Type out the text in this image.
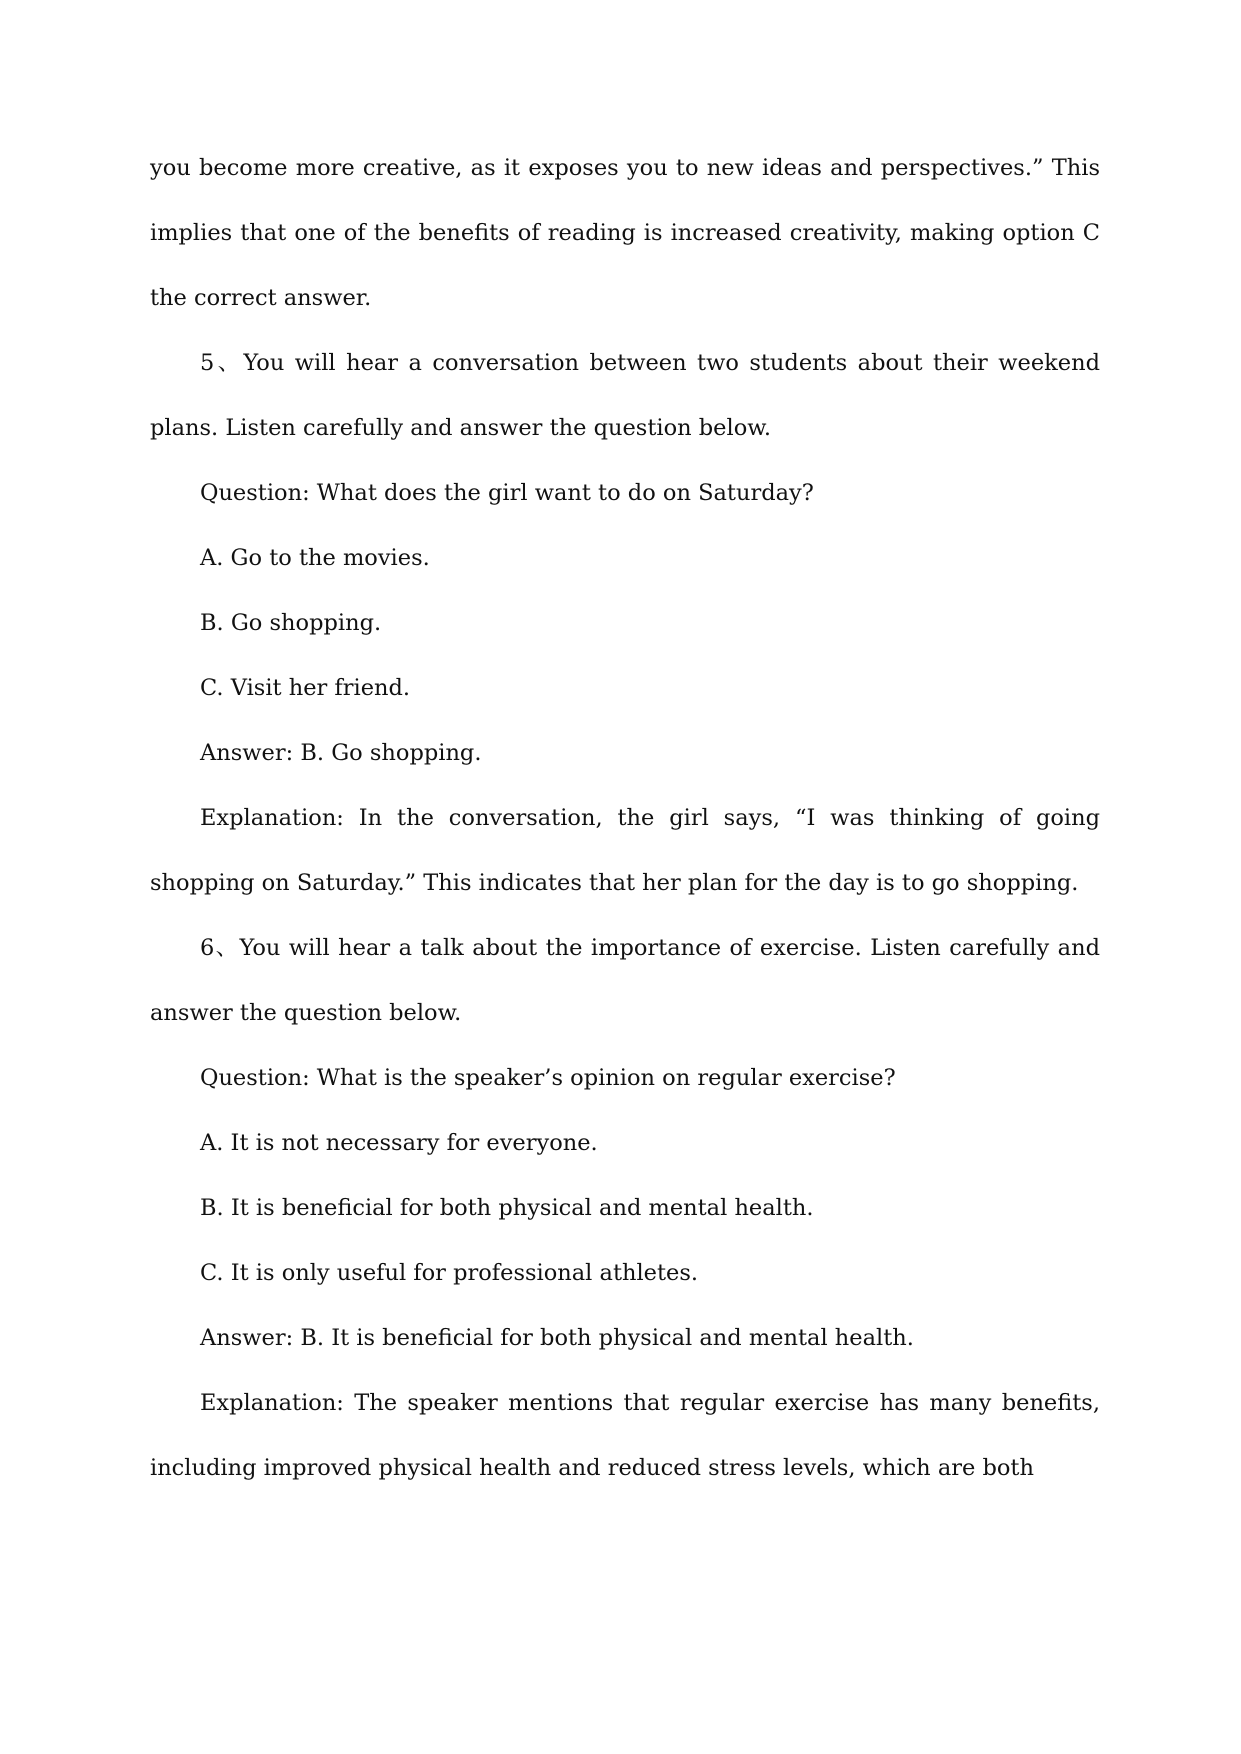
you become more creative, as it exposes you to new ideas and perspectives.” This implies that one of the benefits of reading is increased creativity, making option C the correct answer.

5、You will hear a conversation between two students about their weekend plans. Listen carefully and answer the question below.

Question: What does the girl want to do on Saturday?

A. Go to the movies.

B. Go shopping.

C. Visit her friend.

Answer: B. Go shopping.

Explanation: In the conversation, the girl says, “I was thinking of going shopping on Saturday.” This indicates that her plan for the day is to go shopping.

6、You will hear a talk about the importance of exercise. Listen carefully and answer the question below.

Question: What is the speaker’s opinion on regular exercise?

A. It is not necessary for everyone.

B. It is beneficial for both physical and mental health.

C. It is only useful for professional athletes.

Answer: B. It is beneficial for both physical and mental health.

Explanation: The speaker mentions that regular exercise has many benefits, including improved physical health and reduced stress levels, which are both
